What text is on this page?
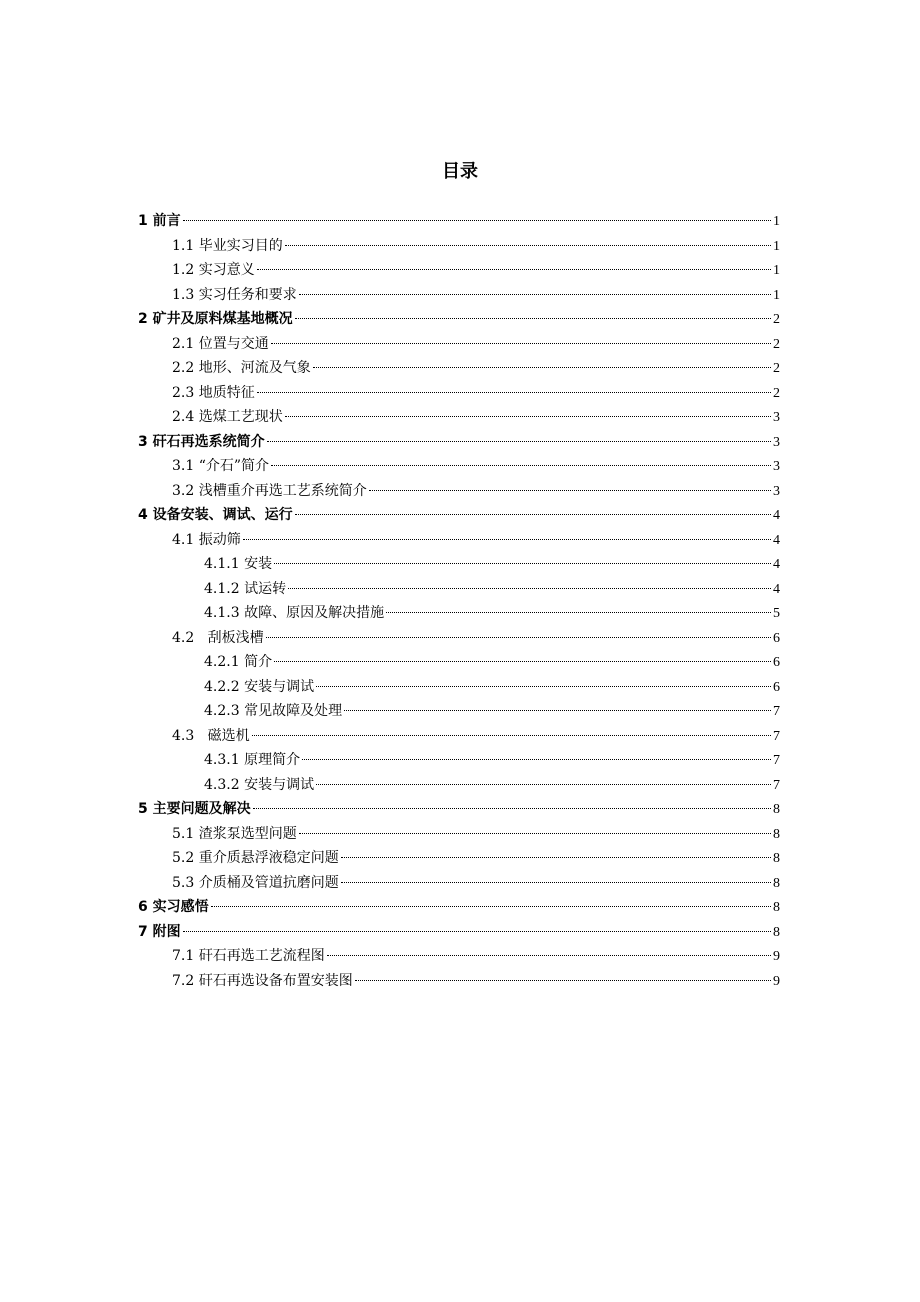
目录
1 前言	1
1.1 毕业实习目的	1
1.2 实习意义	1
1.3 实习任务和要求	1
2 矿井及原料煤基地概况	2
2.1 位置与交通	2
2.2 地形、河流及气象	2
2.3 地质特征	2
2.4 选煤工艺现状	3
3 矸石再选系统简介	3
3.1 “介石”简介	3
3.2 浅槽重介再选工艺系统简介	3
4 设备安装、调试、运行	4
4.1 振动筛	4
4.1.1 安装	4
4.1.2 试运转	4
4.1.3 故障、原因及解决措施	5
4.2 刮板浅槽	6
4.2.1 简介	6
4.2.2 安装与调试	6
4.2.3 常见故障及处理	7
4.3 磁选机	7
4.3.1 原理简介	7
4.3.2 安装与调试	7
5 主要问题及解决	8
5.1 渣浆泵选型问题	8
5.2 重介质悬浮液稳定问题	8
5.3 介质桶及管道抗磨问题	8
6 实习感悟	8
7 附图	8
7.1 矸石再选工艺流程图	9
7.2 矸石再选设备布置安装图	9
